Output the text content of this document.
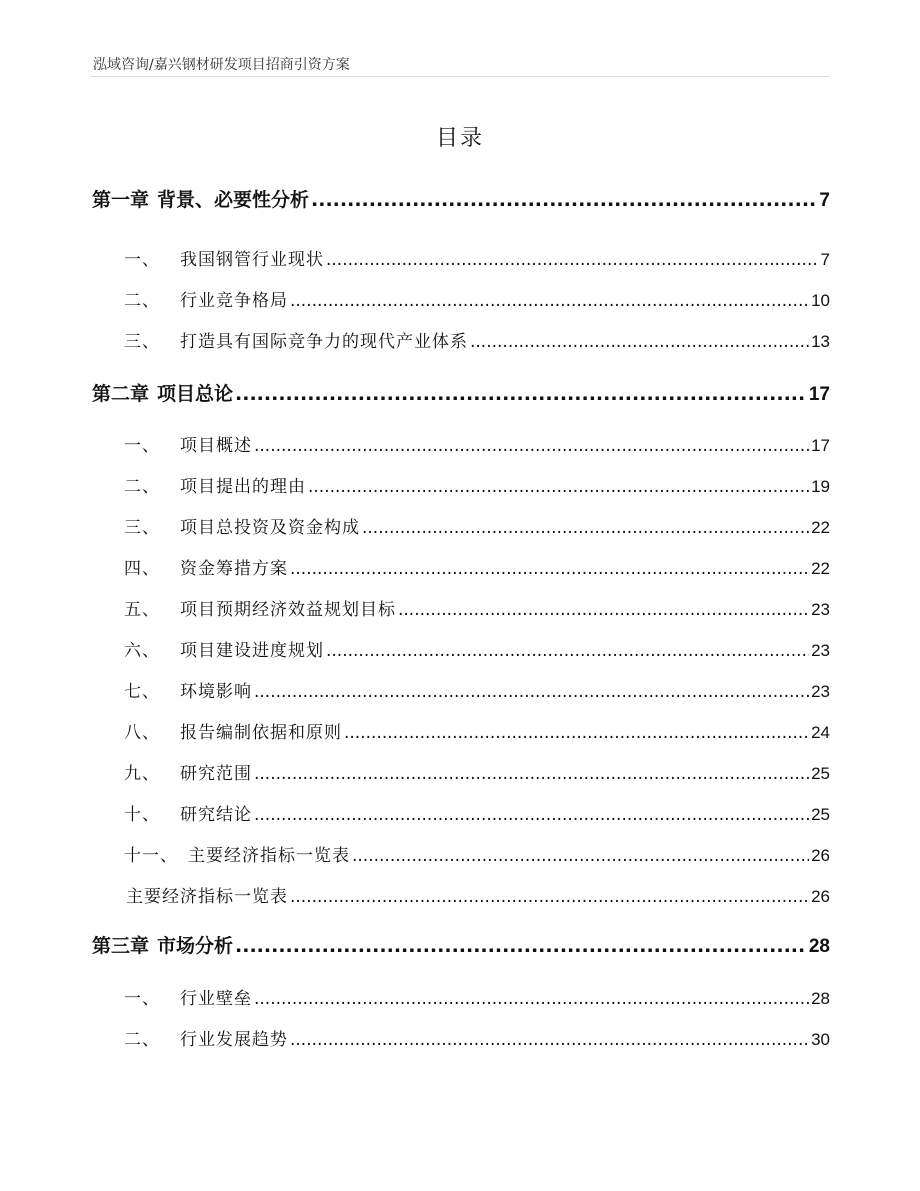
泓域咨询/嘉兴钢材研发项目招商引资方案
目录
第一章 背景、必要性分析 .....	7
一、 我国钢管行业现状 .....	7
二、 行业竞争格局 .....	10
三、 打造具有国际竞争力的现代产业体系 .....	13
第二章 项目总论 .....	17
一、 项目概述 .....	17
二、 项目提出的理由 .....	19
三、 项目总投资及资金构成 .....	22
四、 资金筹措方案 .....	22
五、 项目预期经济效益规划目标 .....	23
六、 项目建设进度规划 .....	23
七、 环境影响 .....	23
八、 报告编制依据和原则 .....	24
九、 研究范围 .....	25
十、 研究结论 .....	25
十一、 主要经济指标一览表 .....	26
主要经济指标一览表 .....	26
第三章 市场分析 .....	28
一、 行业壁垒 .....	28
二、 行业发展趋势 .....	30
